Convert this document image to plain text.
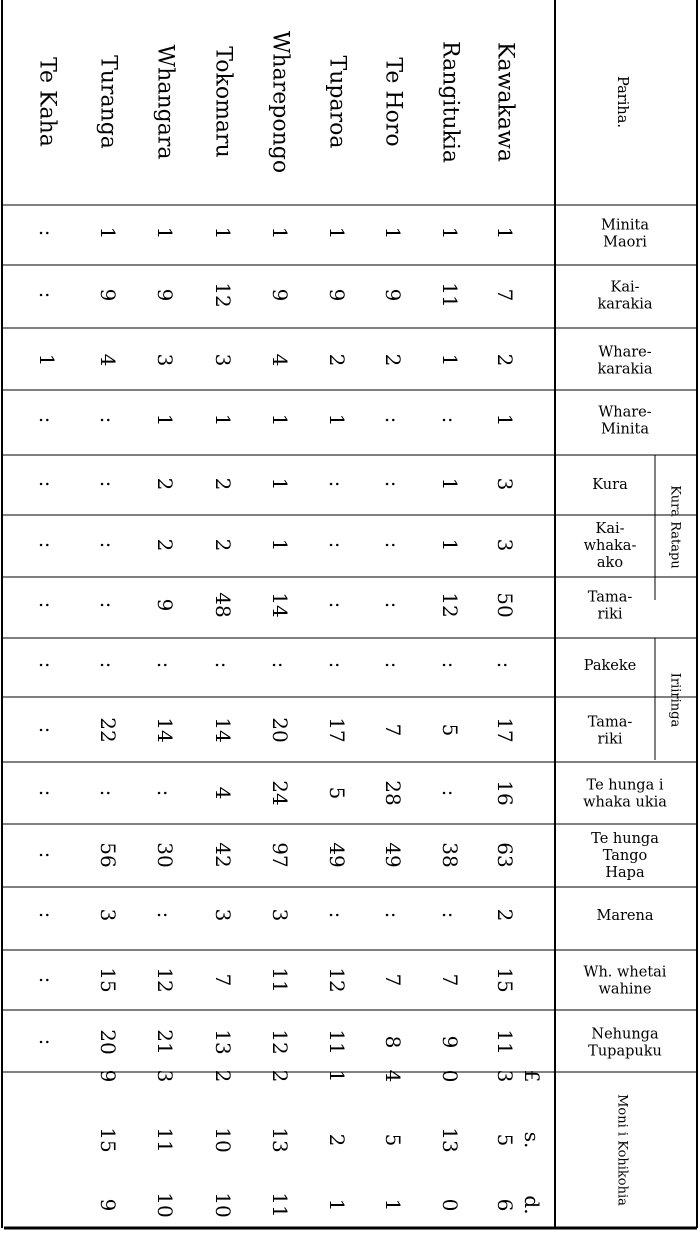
Pariha.
Minita
Maori
Kai-
karakia
Whare-
karakia
Whare-
Minita
Kura
Kai-
whaka-
ako
Tama-
riki
Pakeke
Tama-
riki
Te hunga i
whaka ukia
Te hunga
Tango
Hapa
Marena
Wh. whetai
wahine
Nehunga
Tupapuku
Kura Ratapu
Iriiringa
Moni i Kohikohia
£
s.
d.
Kawakawa
1
7
2
1
3
3
50
:
17
16
63
2
15
11
3
5
6
Rangitukia
1
11
1
:
1
1
12
:
5
:
38
:
7
9
0
13
0
Te Horo
1
9
2
:
:
:
:
:
7
28
49
:
7
8
4
5
1
Tuparoa
1
9
2
1
:
:
:
:
17
5
49
:
12
11
1
2
1
Wharepongo
1
9
4
1
1
1
14
:
20
24
97
3
11
12
2
13
11
Tokomaru
1
12
3
1
2
2
48
:
14
4
42
3
7
13
2
10
10
Whangara
1
9
3
1
2
2
9
:
14
:
30
:
12
21
3
11
10
Turanga
1
9
4
:
:
:
:
:
22
:
56
3
15
20
9
15
9
Te Kaha
:
:
1
:
:
:
:
:
:
:
:
:
:
:
